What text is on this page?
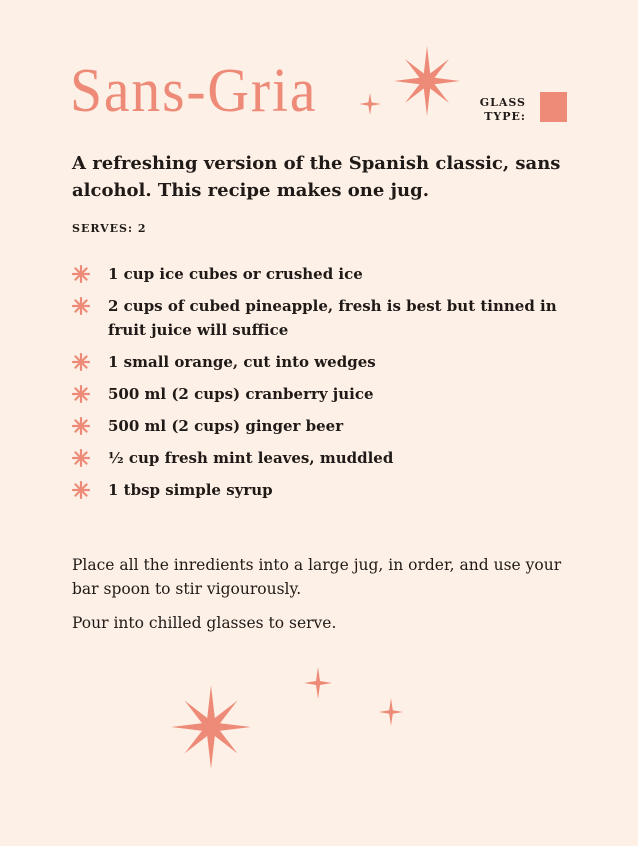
Sans-Gria	GLASS
TYPE:

A refreshing version of the Spanish classic, sans alcohol. This recipe makes one jug.

SERVES: 2
1 cup ice cubes or crushed ice
2 cups of cubed pineapple, fresh is best but tinned in fruit juice will suffice
1 small orange, cut into wedges
500 ml (2 cups) cranberry juice
500 ml (2 cups) ginger beer
½ cup fresh mint leaves, muddled
1 tbsp simple syrup

Place all the inredients into a large jug, in order, and use your bar spoon to stir vigourously.

Pour into chilled glasses to serve.
